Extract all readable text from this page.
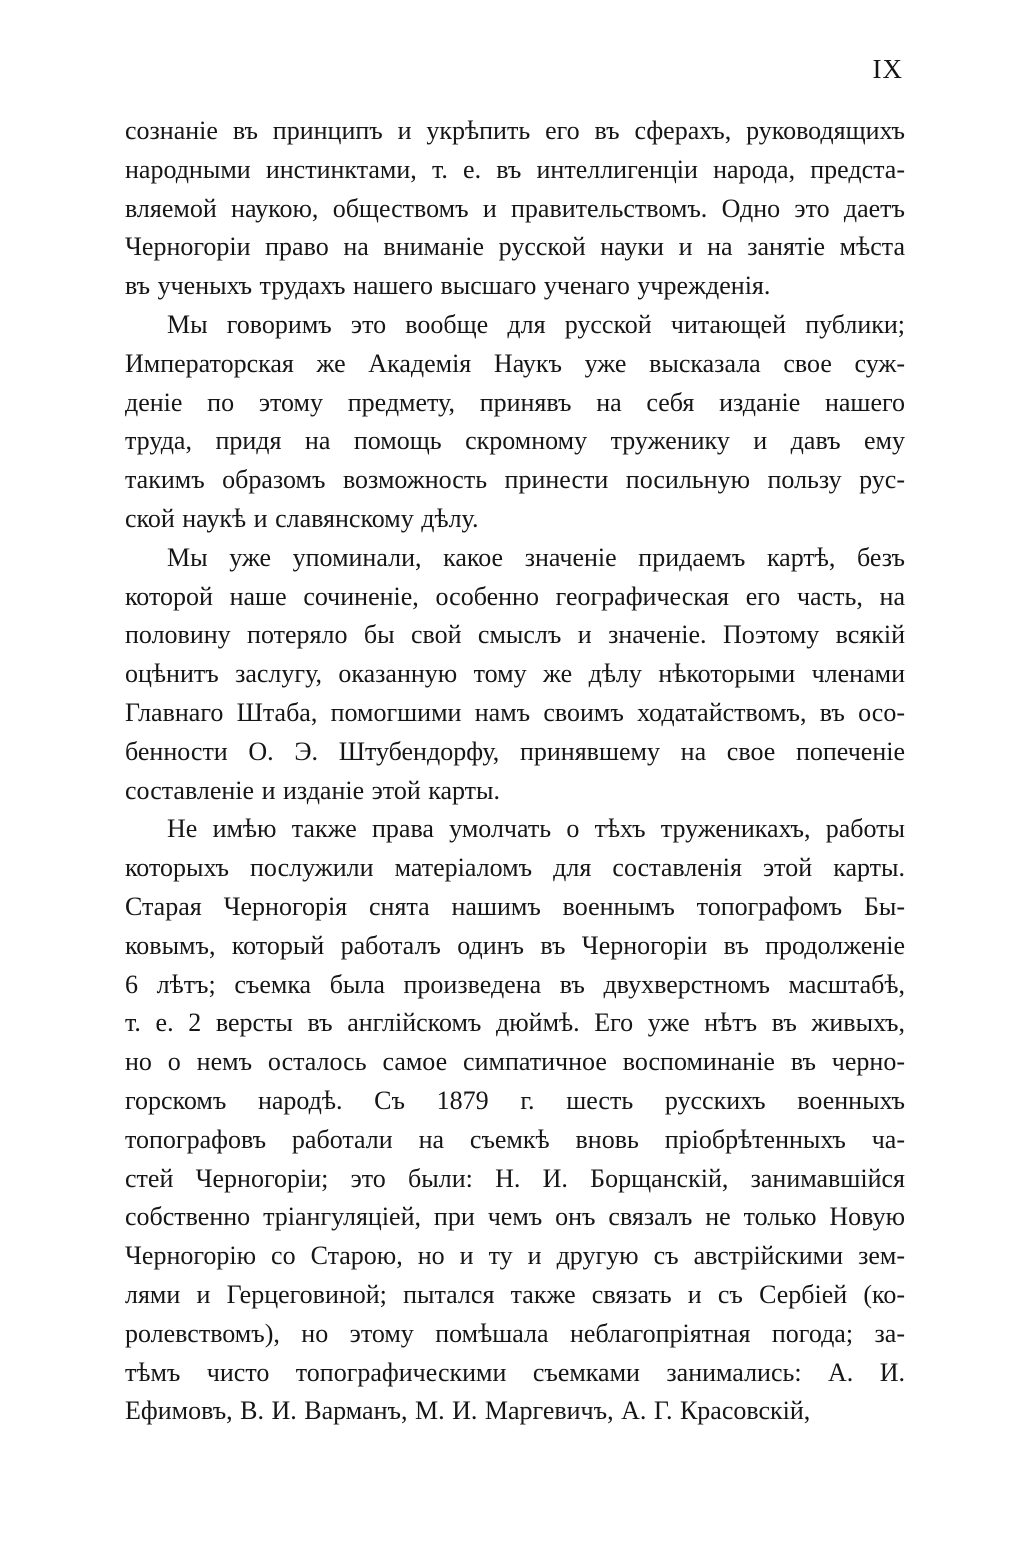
IX
сознаніе въ принципъ и укрѣпить его въ сферахъ, руководящихъ
народными инстинктами, т. е. въ интеллигенціи народа, предста-
вляемой наукою, обществомъ и правительствомъ. Одно это даетъ
Черногоріи право на вниманіе русской науки и на занятіе мѣста
въ ученыхъ трудахъ нашего высшаго ученаго учрежденія.
Мы говоримъ это вообще для русской читающей публики;
Императорская же Академія Наукъ уже высказала свое суж-
деніе по этому предмету, принявъ на себя изданіе нашего
труда, придя на помощь скромному труженику и давъ ему
такимъ образомъ возможность принести посильную пользу рус-
ской наукѣ и славянскому дѣлу.
Мы уже упоминали, какое значеніе придаемъ картѣ, безъ
которой наше сочиненіе, особенно географическая его часть, на
половину потеряло бы свой смыслъ и значеніе. Поэтому всякій
оцѣнитъ заслугу, оказанную тому же дѣлу нѣкоторыми членами
Главнаго Штаба, помогшими намъ своимъ ходатайствомъ, въ осо-
бенности О. Э. Штубендорфу, принявшему на свое попеченіе
составленіе и изданіе этой карты.
Не имѣю также права умолчать о тѣхъ труженикахъ, работы
которыхъ послужили матеріаломъ для составленія этой карты.
Старая Черногорія снята нашимъ военнымъ топографомъ Бы-
ковымъ, который работалъ одинъ въ Черногоріи въ продолженіе
6 лѣтъ; съемка была произведена въ двухверстномъ масштабѣ,
т. е. 2 версты въ англійскомъ дюймѣ. Его уже нѣтъ въ живыхъ,
но о немъ осталось самое симпатичное воспоминаніе въ черно-
горскомъ народѣ. Съ 1879 г. шесть русскихъ военныхъ
топографовъ работали на съемкѣ вновь пріобрѣтенныхъ ча-
стей Черногоріи; это были: Н. И. Борщанскій, занимавшійся
собственно тріангуляціей, при чемъ онъ связалъ не только Новую
Черногорію со Старою, но и ту и другую съ австрійскими зем-
лями и Герцеговиной; пытался также связать и съ Сербіей (ко-
ролевствомъ), но этому помѣшала неблагопріятная погода; за-
тѣмъ чисто топографическими съемками занимались: А. И.
Ефимовъ, В. И. Варманъ, М. И. Маргевичъ, А. Г. Красовскій,
